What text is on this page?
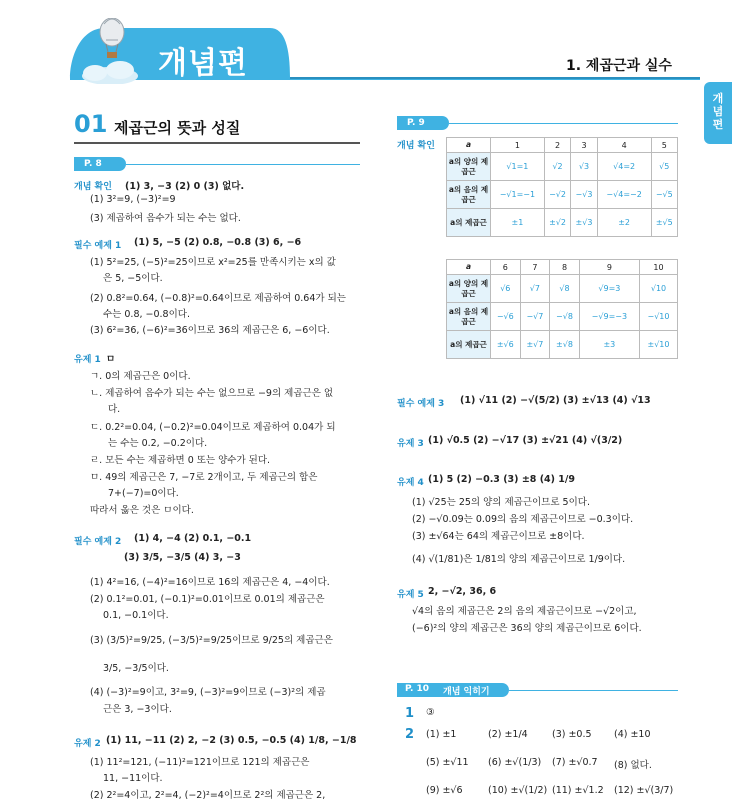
개념편	1. 제곱근과 실수
개념편
01 제곱근의 뜻과 성질
P. 8
개념 확인 (1) 3, −3 (2) 0 (3) 없다.
(1) 3²=9, (−3)²=9
(3) 제곱하여 음수가 되는 수는 없다.
필수 예제 1 (1) 5, −5 (2) 0.8, −0.8 (3) 6, −6
(1) 5²=25, (−5)²=25이므로 x²=25를 만족시키는 x의 값
은 5, −5이다.
(2) 0.8²=0.64, (−0.8)²=0.64이므로 제곱하여 0.64가 되는
수는 0.8, −0.8이다.
(3) 6²=36, (−6)²=36이므로 36의 제곱근은 6, −6이다.
유제 1 ㅁ
ㄱ. 0의 제곱근은 0이다.
ㄴ. 제곱하여 음수가 되는 수는 없으므로 −9의 제곱근은 없
다.
ㄷ. 0.2²=0.04, (−0.2)²=0.04이므로 제곱하여 0.04가 되
는 수는 0.2, −0.2이다.
ㄹ. 모든 수는 제곱하면 0 또는 양수가 된다.
ㅁ. 49의 제곱근은 7, −7로 2개이고, 두 제곱근의 합은
7+(−7)=0이다.
따라서 옳은 것은 ㅁ이다.
필수 예제 2 (1) 4, −4 (2) 0.1, −0.1
(3) 3/5, −3/5 (4) 3, −3
(1) 4²=16, (−4)²=16이므로 16의 제곱근은 4, −4이다.
(2) 0.1²=0.01, (−0.1)²=0.01이므로 0.01의 제곱근은
0.1, −0.1이다.
(3) (3/5)²=9/25, (−3/5)²=9/25이므로 9/25의 제곱근은
3/5, −3/5이다.
(4) (−3)²=9이고, 3²=9, (−3)²=9이므로 (−3)²의 제곱
근은 3, −3이다.
유제 2 (1) 11, −11 (2) 2, −2 (3) 0.5, −0.5 (4) 1/8, −1/8
(1) 11²=121, (−11)²=121이므로 121의 제곱근은
11, −11이다.
(2) 2²=4이고, 2²=4, (−2)²=4이므로 2²의 제곱근은 2,
P. 9
개념 확인	a	1	2	3	4	5
a의 양의 제곱근	√1=1	√2	√3	√4=2	√5
a의 음의 제곱근	−√1=−1	−√2	−√3	−√4=−2	−√5
a의 제곱근	±1	±√2	±√3	±2	±√5
a	6	7	8	9	10
a의 양의 제곱근	√6	√7	√8	√9=3	√10
a의 음의 제곱근	−√6	−√7	−√8	−√9=−3	−√10
a의 제곱근	±√6	±√7	±√8	±3	±√10
필수 예제 3 (1) √11 (2) −√(5/2) (3) ±√13 (4) √13
유제 3 (1) √0.5 (2) −√17 (3) ±√21 (4) √(3/2)
유제 4 (1) 5 (2) −0.3 (3) ±8 (4) 1/9
(1) √25는 25의 양의 제곱근이므로 5이다.
(2) −√0.09는 0.09의 음의 제곱근이므로 −0.3이다.
(3) ±√64는 64의 제곱근이므로 ±8이다.
(4) √(1/81)은 1/81의 양의 제곱근이므로 1/9이다.
유제 5 2, −√2, 36, 6
√4의 음의 제곱근은 2의 음의 제곱근이므로 −√2이고,
(−6)²의 양의 제곱근은 36의 양의 제곱근이므로 6이다.
P. 10 개념 익히기
1 ③
2 (1) ±1	(2) ±1/4	(3) ±0.5 (4) ±10
(5) ±√11 (6) ±√(1/3) (7) ±√0.7 (8) 없다.
(9) ±√6	(10) ±√(1/2) (11) ±√1.2 (12) ±√(3/7)
